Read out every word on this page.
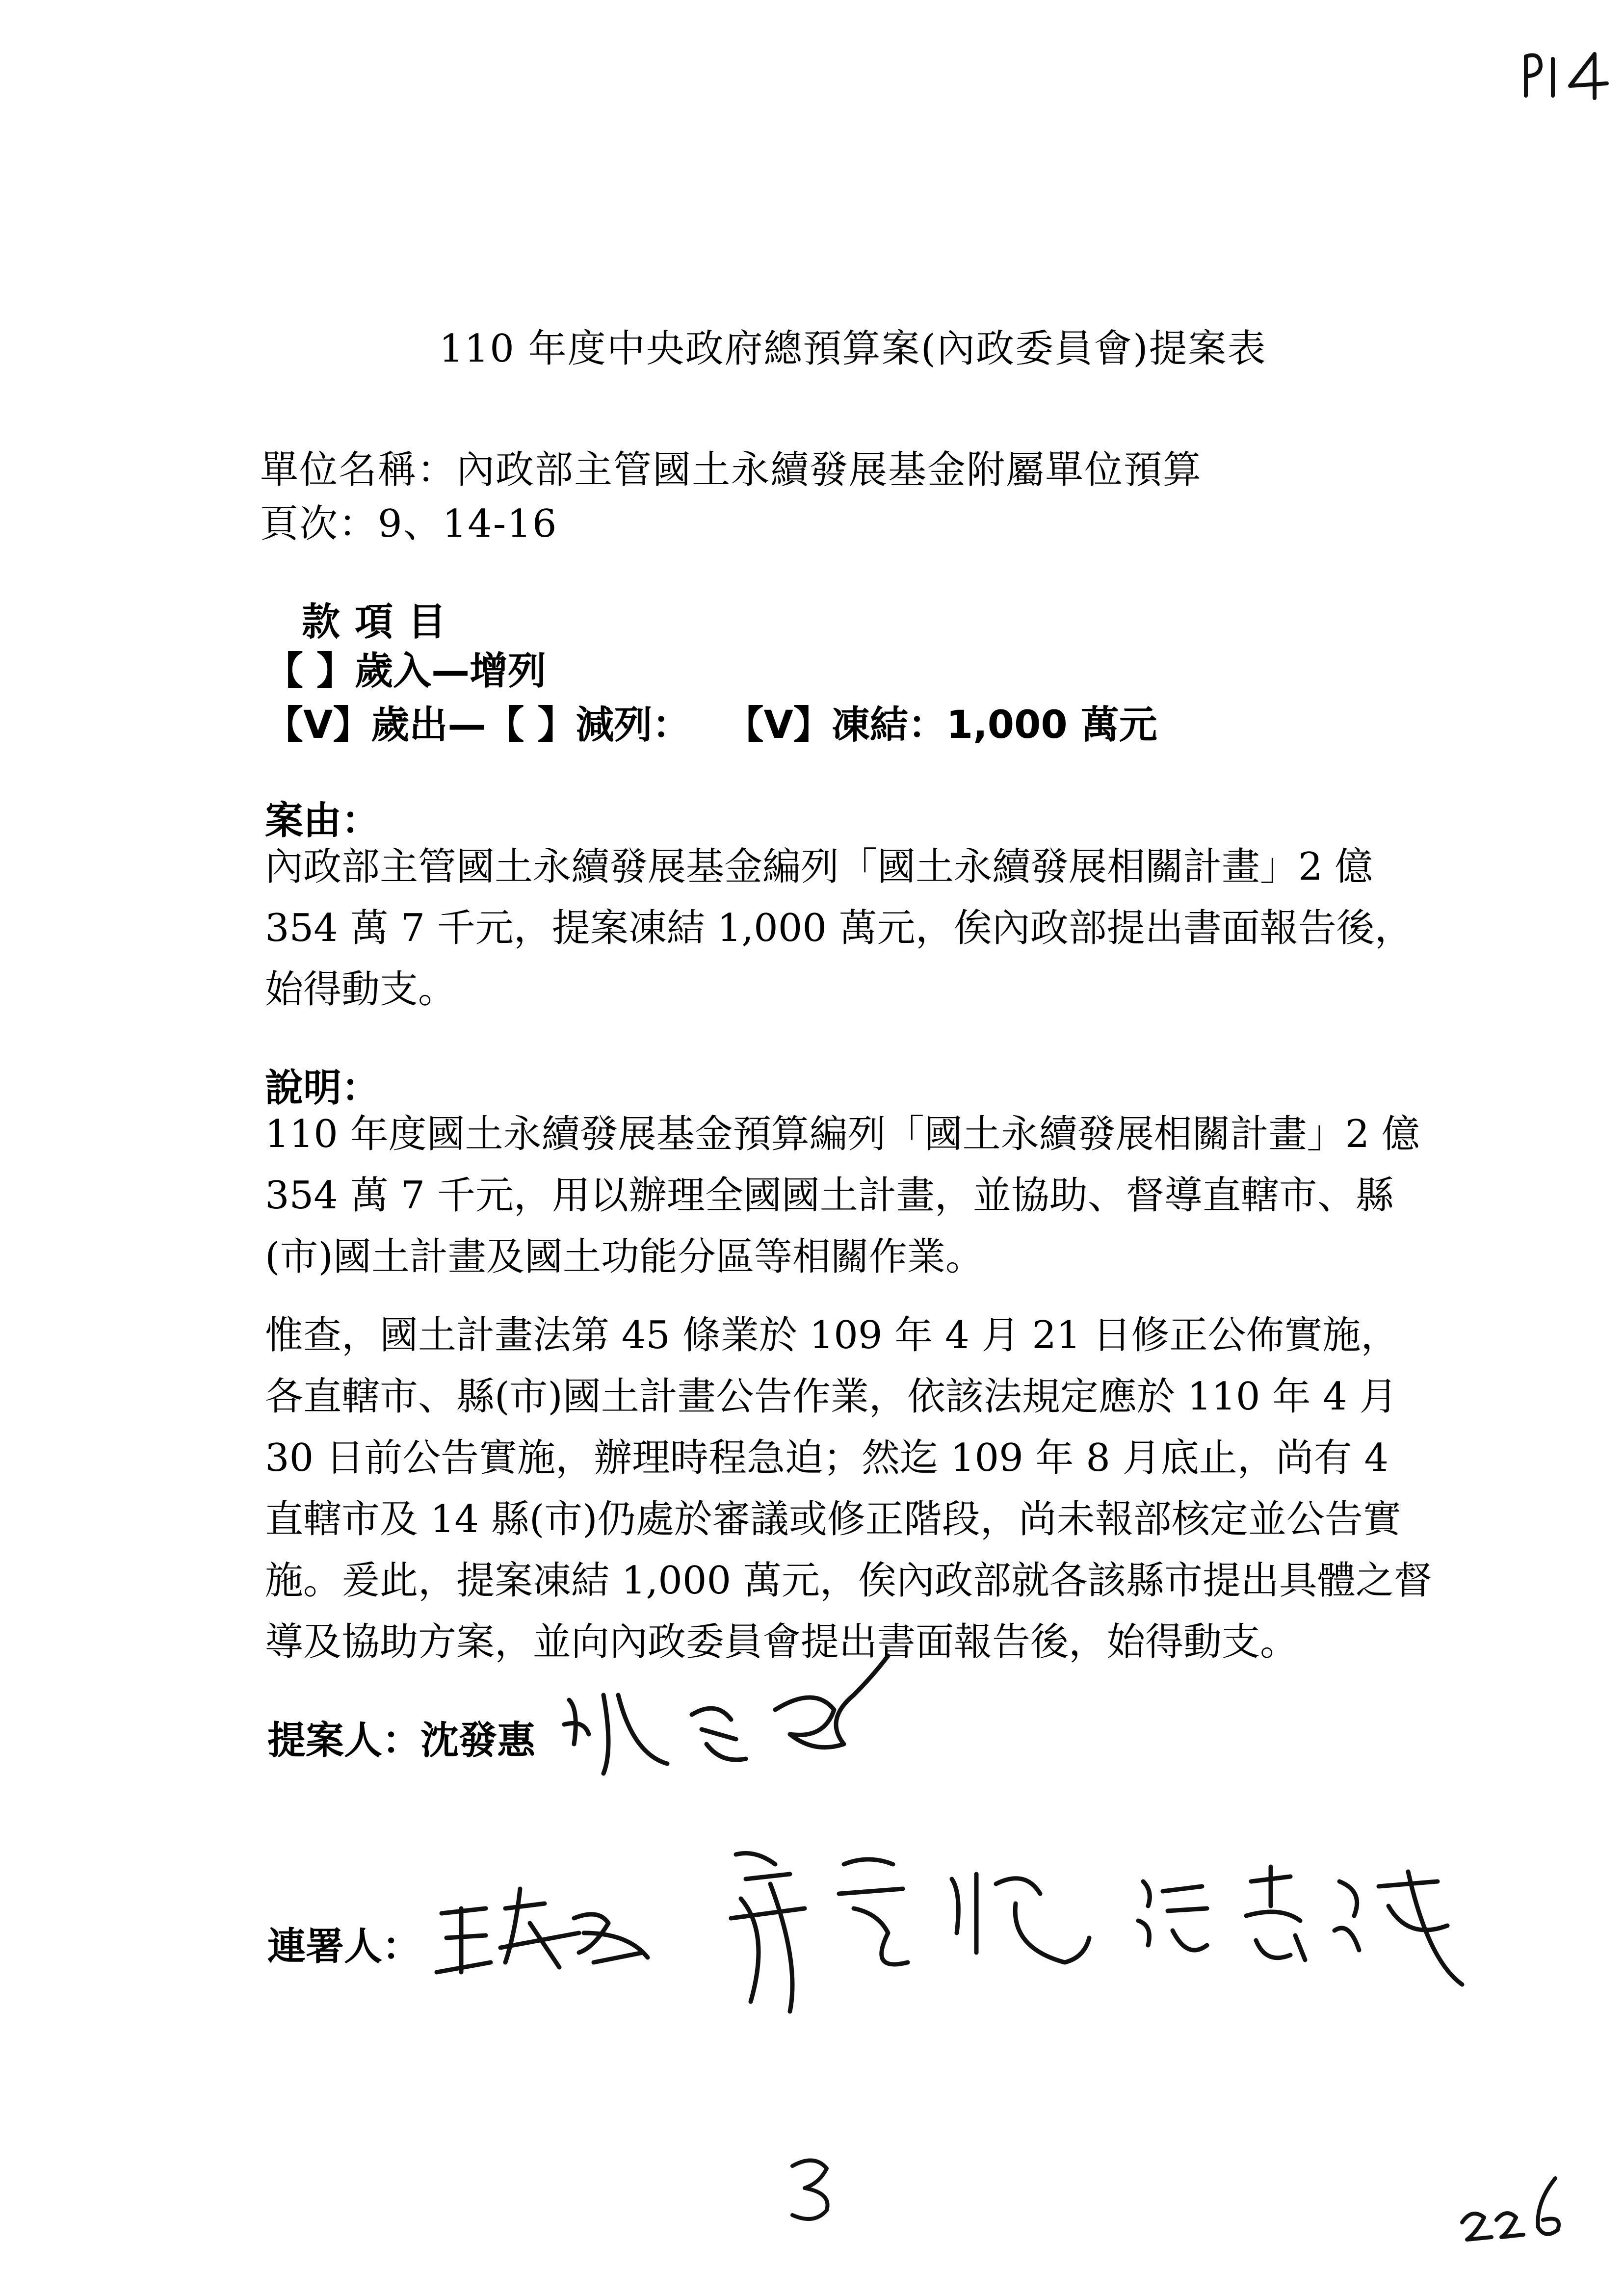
110 年度中央政府總預算案(內政委員會)提案表
單位名稱：內政部主管國土永續發展基金附屬單位預算
頁次：9、14-16
款項目
【 】歲入—增列
【V】歲出—【 】減列： 【V】凍結：1,000 萬元
案由：
內政部主管國土永續發展基金編列「國土永續發展相關計畫」2 億 354 萬 7 千元，提案凍結 1,000 萬元，俟內政部提出書面報告後，始得動支。
說明：
110 年度國土永續發展基金預算編列「國土永續發展相關計畫」2 億 354 萬 7 千元，用以辦理全國國土計畫，並協助、督導直轄市、縣(市)國土計畫及國土功能分區等相關作業。
惟查，國土計畫法第 45 條業於 109 年 4 月 21 日修正公佈實施，各直轄市、縣(市)國土計畫公告作業，依該法規定應於 110 年 4 月 30 日前公告實施，辦理時程急迫；然迄 109 年 8 月底止，尚有 4 直轄市及 14 縣(市)仍處於審議或修正階段，尚未報部核定並公告實施。爰此，提案凍結 1,000 萬元，俟內政部就各該縣市提出具體之督導及協助方案，並向內政委員會提出書面報告後，始得動支。
提案人：沈發惠
連署人：
